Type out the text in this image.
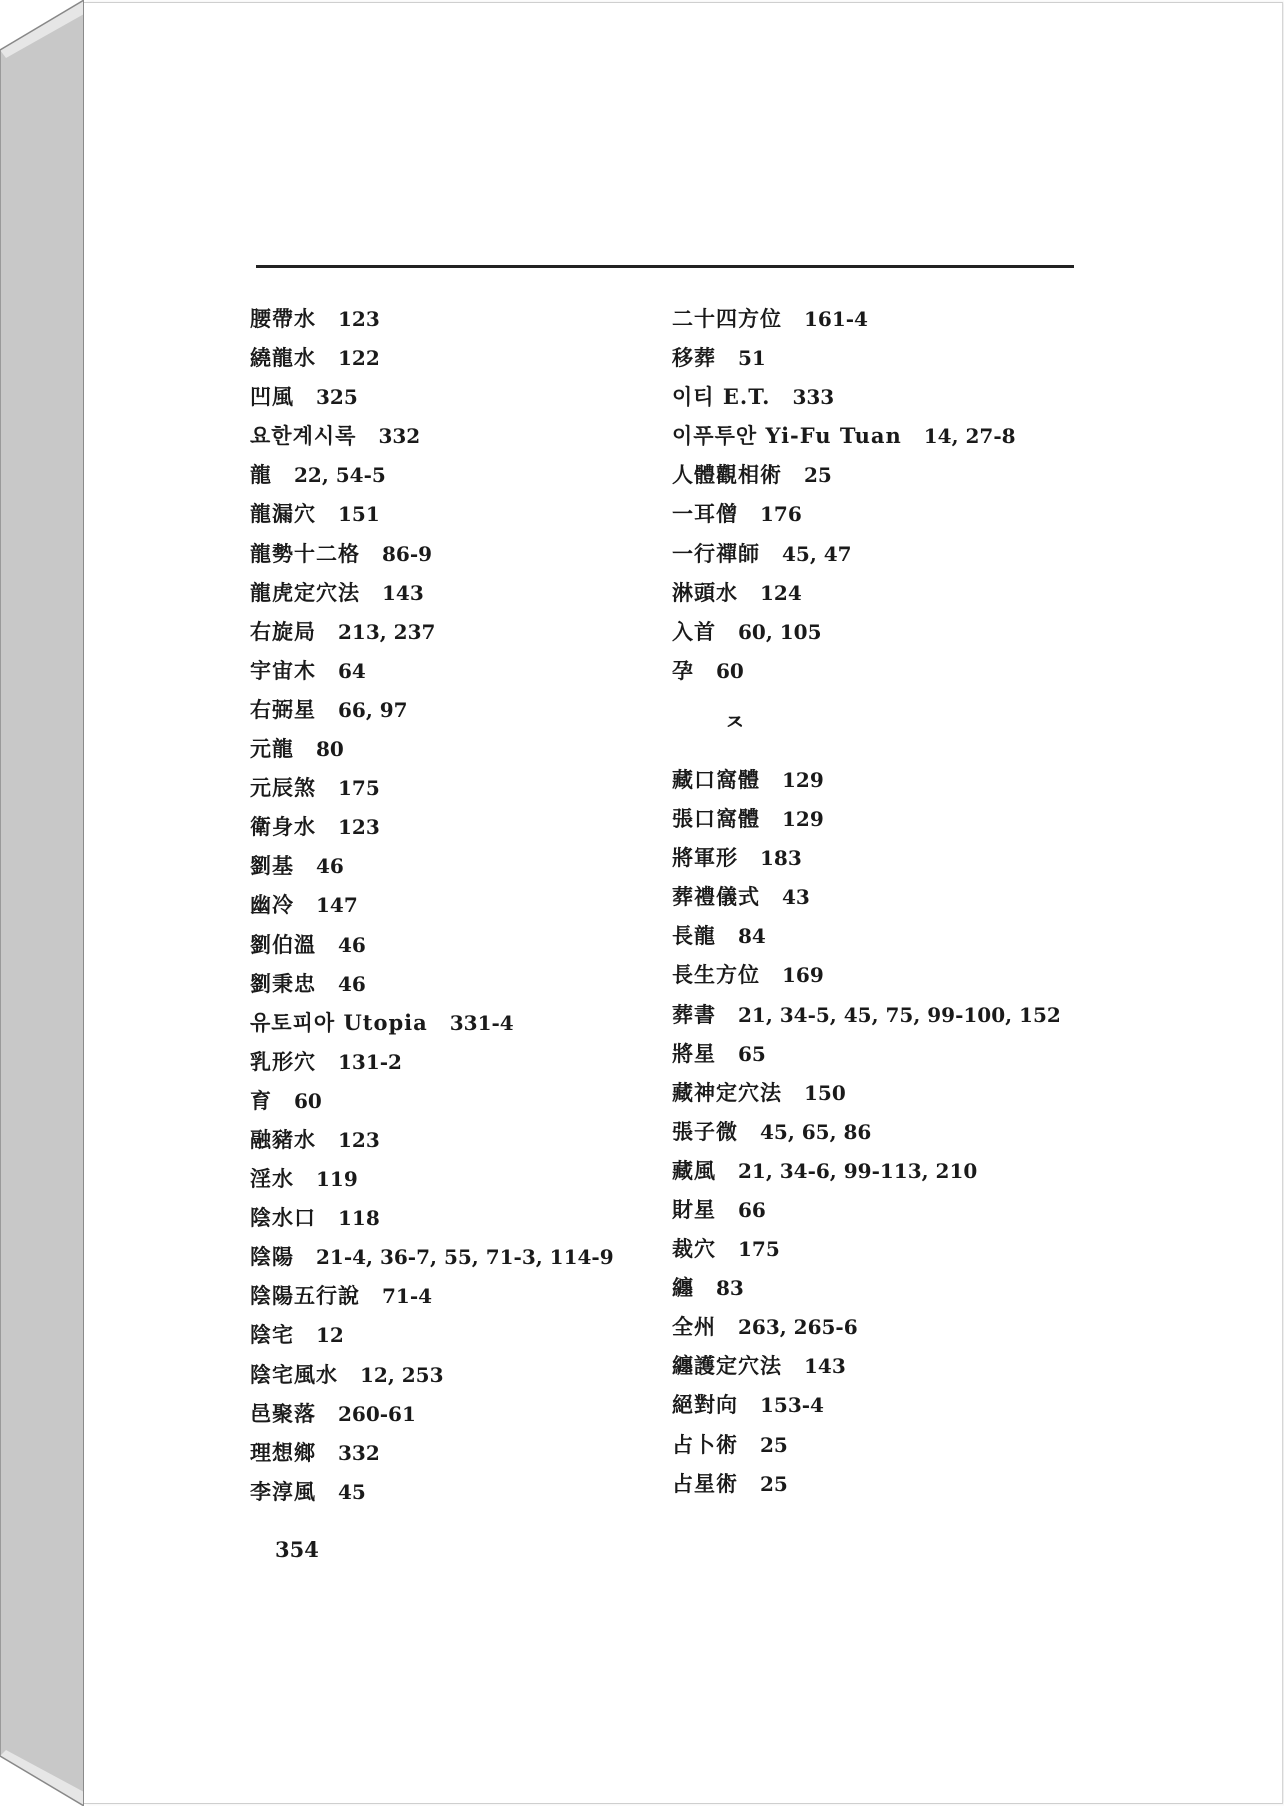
腰帶水 123
繞龍水 122
凹風 325
요한계시록 332
龍 22, 54-5
龍漏穴 151
龍勢十二格 86-9
龍虎定穴法 143
右旋局 213, 237
宇宙木 64
右弼星 66, 97
元龍 80
元辰煞 175
衛身水 123
劉基 46
幽冷 147
劉伯溫 46
劉秉忠 46
유토피아 Utopia 331-4
乳形穴 131-2
育 60
融豬水 123
淫水 119
陰水口 118
陰陽 21-4, 36-7, 55, 71-3, 114-9
陰陽五行說 71-4
陰宅 12
陰宅風水 12, 253
邑聚落 260-61
理想鄉 332
李淳風 45
二十四方位 161-4
移葬 51
이티 E.T. 333
이푸투안 Yi-Fu Tuan 14, 27-8
人體觀相術 25
一耳僧 176
一行禪師 45, 47
淋頭水 124
入首 60, 105
孕 60
ㅈ
藏口窩體 129
張口窩體 129
將軍形 183
葬禮儀式 43
長龍 84
長生方位 169
葬書 21, 34-5, 45, 75, 99-100, 152
將星 65
藏神定穴法 150
張子微 45, 65, 86
藏風 21, 34-6, 99-113, 210
財星 66
裁穴 175
纏 83
全州 263, 265-6
纏護定穴法 143
絕對向 153-4
占卜術 25
占星術 25
354
